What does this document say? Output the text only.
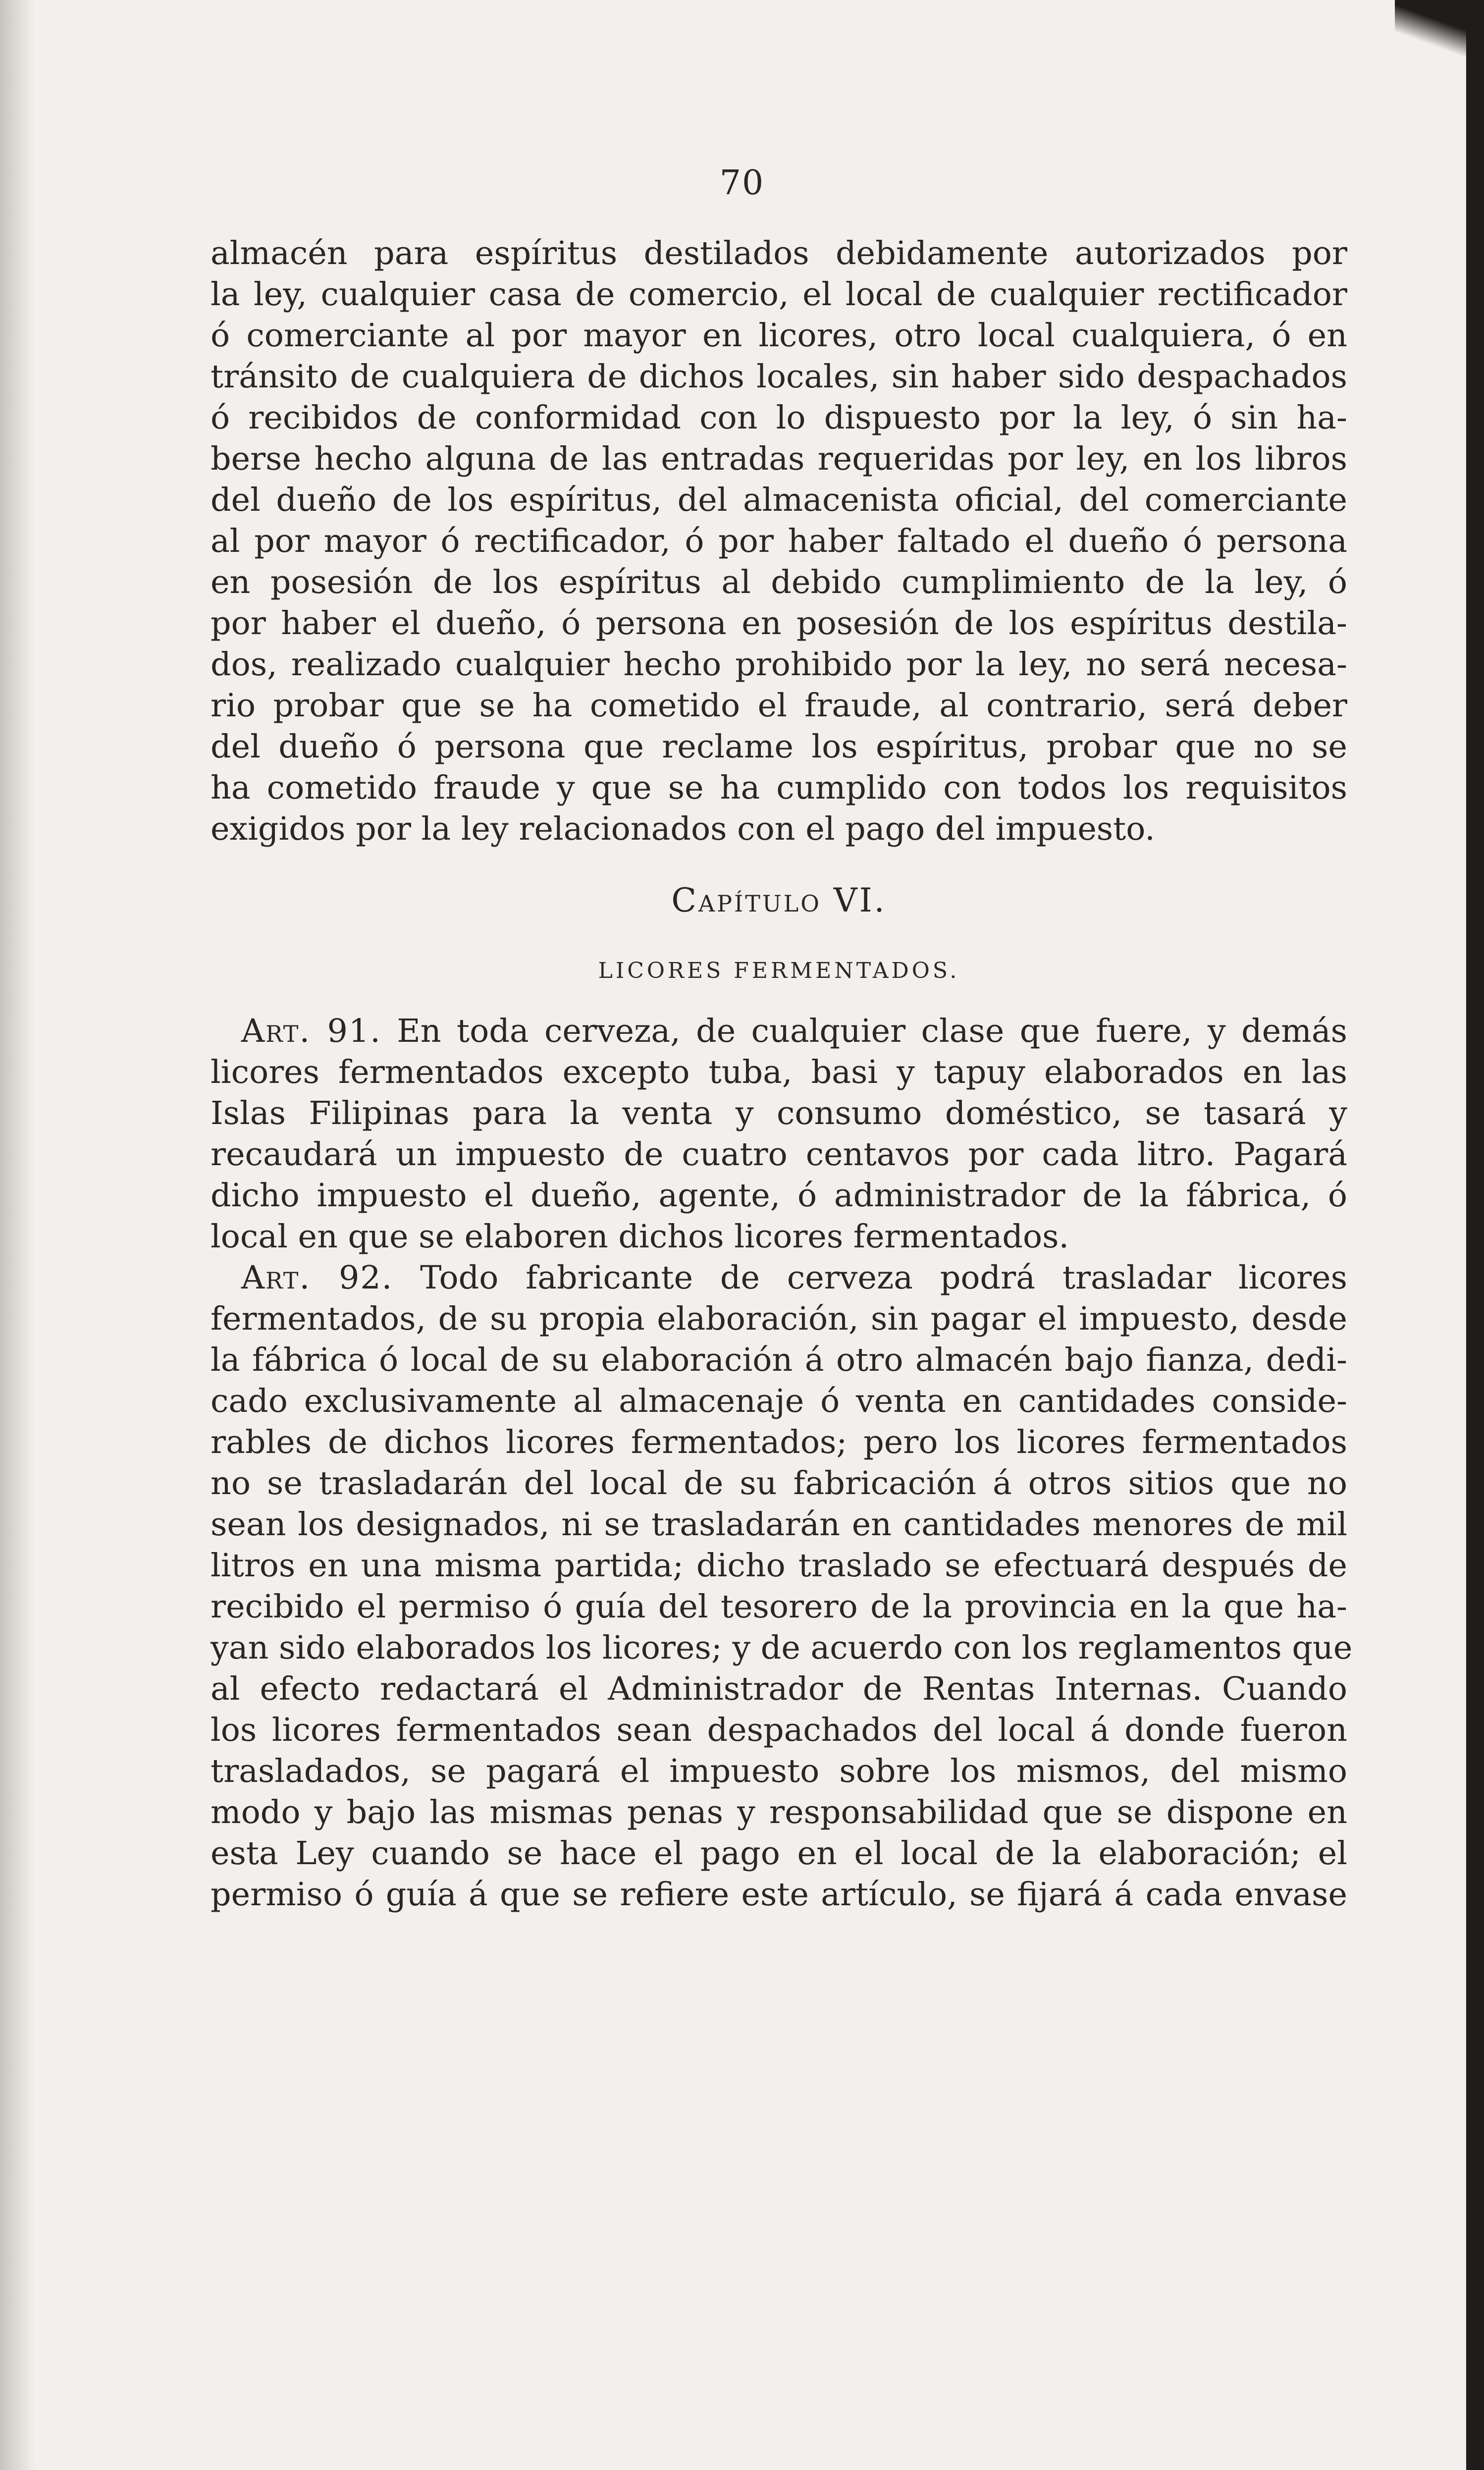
70
almacén para espíritus destilados debidamente autorizados por
la ley, cualquier casa de comercio, el local de cualquier rectificador
ó comerciante al por mayor en licores, otro local cualquiera, ó en
tránsito de cualquiera de dichos locales, sin haber sido despachados
ó recibidos de conformidad con lo dispuesto por la ley, ó sin ha-
berse hecho alguna de las entradas requeridas por ley, en los libros
del dueño de los espíritus, del almacenista oficial, del comerciante
al por mayor ó rectificador, ó por haber faltado el dueño ó persona
en posesión de los espíritus al debido cumplimiento de la ley, ó
por haber el dueño, ó persona en posesión de los espíritus destila-
dos, realizado cualquier hecho prohibido por la ley, no será necesa-
rio probar que se ha cometido el fraude, al contrario, será deber
del dueño ó persona que reclame los espíritus, probar que no se
ha cometido fraude y que se ha cumplido con todos los requisitos
exigidos por la ley relacionados con el pago del impuesto.
Capítulo VI.
LICORES FERMENTADOS.
Art. 91. En toda cerveza, de cualquier clase que fuere, y demás
licores fermentados excepto tuba, basi y tapuy elaborados en las
Islas Filipinas para la venta y consumo doméstico, se tasará y
recaudará un impuesto de cuatro centavos por cada litro. Pagará
dicho impuesto el dueño, agente, ó administrador de la fábrica, ó
local en que se elaboren dichos licores fermentados.
Art. 92. Todo fabricante de cerveza podrá trasladar licores
fermentados, de su propia elaboración, sin pagar el impuesto, desde
la fábrica ó local de su elaboración á otro almacén bajo fianza, dedi-
cado exclusivamente al almacenaje ó venta en cantidades conside-
rables de dichos licores fermentados; pero los licores fermentados
no se trasladarán del local de su fabricación á otros sitios que no
sean los designados, ni se trasladarán en cantidades menores de mil
litros en una misma partida; dicho traslado se efectuará después de
recibido el permiso ó guía del tesorero de la provincia en la que ha-
yan sido elaborados los licores; y de acuerdo con los reglamentos que
al efecto redactará el Administrador de Rentas Internas. Cuando
los licores fermentados sean despachados del local á donde fueron
trasladados, se pagará el impuesto sobre los mismos, del mismo
modo y bajo las mismas penas y responsabilidad que se dispone en
esta Ley cuando se hace el pago en el local de la elaboración; el
permiso ó guía á que se refiere este artículo, se fijará á cada envase
